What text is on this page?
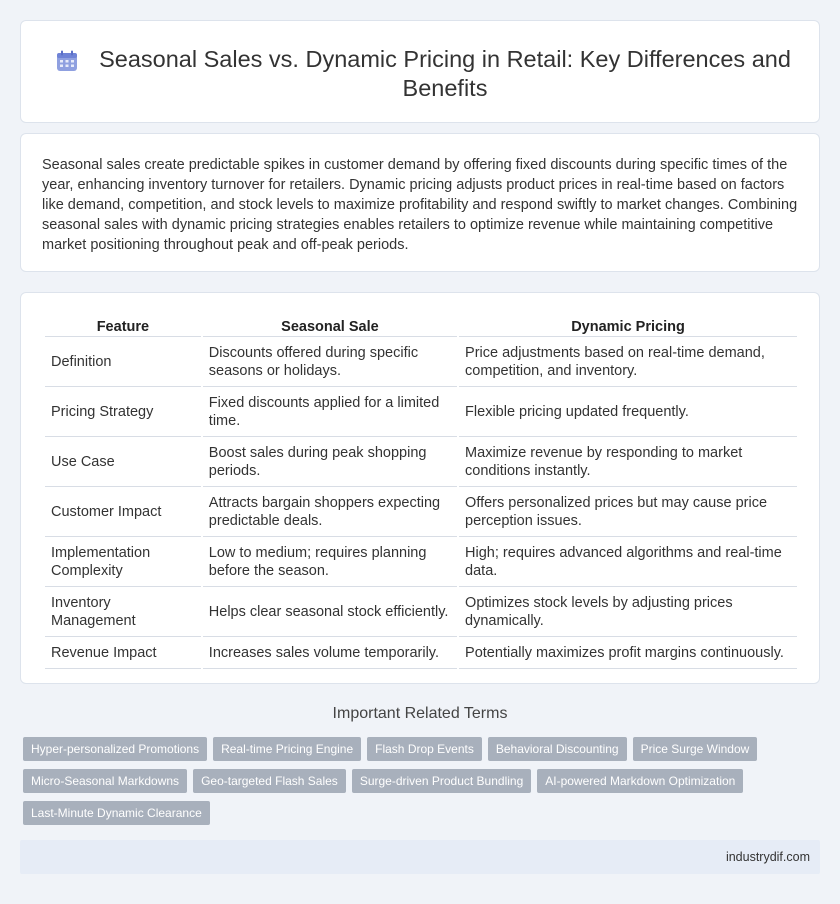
Seasonal Sales vs. Dynamic Pricing in Retail: Key Differences and Benefits

Seasonal sales create predictable spikes in customer demand by offering fixed discounts during specific times of the year, enhancing inventory turnover for retailers. Dynamic pricing adjusts product prices in real-time based on factors like demand, competition, and stock levels to maximize profitability and respond swiftly to market changes. Combining seasonal sales with dynamic pricing strategies enables retailers to optimize revenue while maintaining competitive market positioning throughout peak and off-peak periods.

Feature	Seasonal Sale	Dynamic Pricing
Definition	Discounts offered during specific seasons or holidays.	Price adjustments based on real-time demand, competition, and inventory.
Pricing Strategy	Fixed discounts applied for a limited time.	Flexible pricing updated frequently.
Use Case	Boost sales during peak shopping periods.	Maximize revenue by responding to market conditions instantly.
Customer Impact	Attracts bargain shoppers expecting predictable deals.	Offers personalized prices but may cause price perception issues.
Implementation Complexity	Low to medium; requires planning before the season.	High; requires advanced algorithms and real-time data.
Inventory Management	Helps clear seasonal stock efficiently.	Optimizes stock levels by adjusting prices dynamically.
Revenue Impact	Increases sales volume temporarily.	Potentially maximizes profit margins continuously.
Important Related Terms
Hyper-personalized Promotions	Real-time Pricing Engine	Flash Drop Events	Behavioral Discounting	Price Surge Window
Micro-Seasonal Markdowns	Geo-targeted Flash Sales	Surge-driven Product Bundling	AI-powered Markdown Optimization
Last-Minute Dynamic Clearance
industrydif.com
